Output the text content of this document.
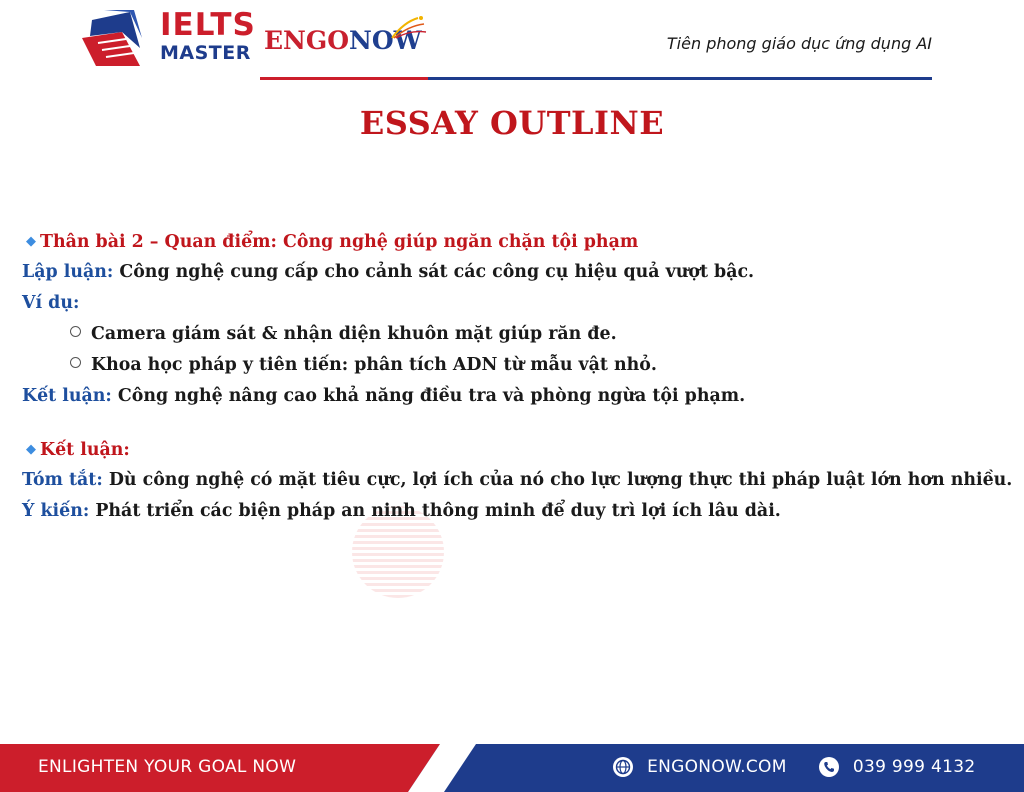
IELTS
MASTER ENGONOW	Tiên phong giáo dục ứng dụng AI
ESSAY OUTLINE
◆ Thân bài 2 – Quan điểm: Công nghệ giúp ngăn chặn tội phạm
Lập luận: Công nghệ cung cấp cho cảnh sát các công cụ hiệu quả vượt bậc.
Ví dụ:
Camera giám sát & nhận diện khuôn mặt giúp răn đe.
Khoa học pháp y tiên tiến: phân tích ADN từ mẫu vật nhỏ.
Kết luận: Công nghệ nâng cao khả năng điều tra và phòng ngừa tội phạm.
◆ Kết luận:
Tóm tắt: Dù công nghệ có mặt tiêu cực, lợi ích của nó cho lực lượng thực thi pháp luật lớn hơn nhiều.
Ý kiến: Phát triển các biện pháp an ninh thông minh để duy trì lợi ích lâu dài.
ENLIGHTEN YOUR GOAL NOW	ENGONOW.COM	039 999 4132
